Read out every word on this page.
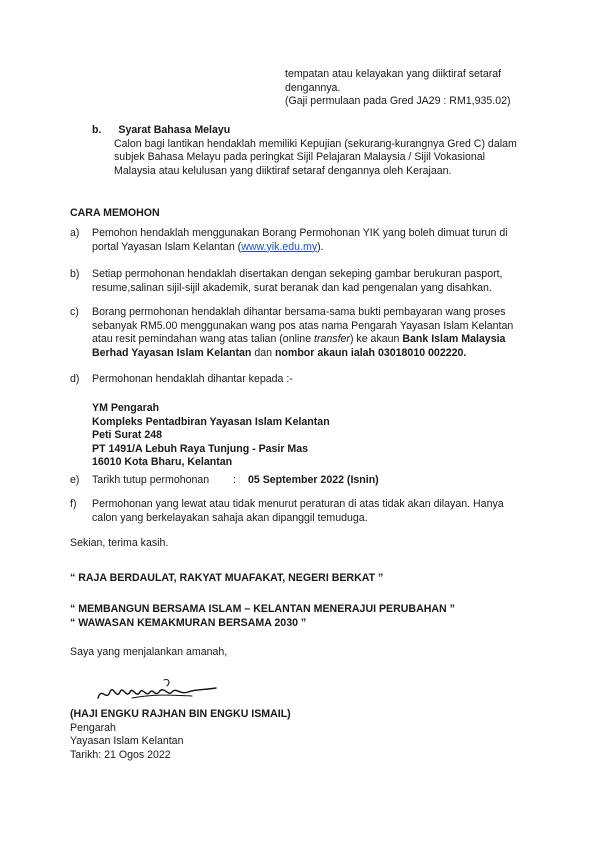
tempatan atau kelayakan yang diiktiraf setaraf
dengannya.
(Gaji permulaan pada Gred JA29 : RM1,935.02)
b. Syarat Bahasa Melayu
Calon bagi lantikan hendaklah memiliki Kepujian (sekurang-kurangnya Gred C) dalam
subjek Bahasa Melayu pada peringkat Sijil Pelajaran Malaysia / Sijil Vokasional
Malaysia atau kelulusan yang diiktiraf setaraf dengannya oleh Kerajaan.
CARA MEMOHON
a) Pemohon hendaklah menggunakan Borang Permohonan YIK yang boleh dimuat turun di
portal Yayasan Islam Kelantan (www.yik.edu.my).
b) Setiap permohonan hendaklah disertakan dengan sekeping gambar berukuran pasport,
resume,salinan sijil-sijil akademik, surat beranak dan kad pengenalan yang disahkan.
c) Borang permohonan hendaklah dihantar bersama-sama bukti pembayaran wang proses
sebanyak RM5.00 menggunakan wang pos atas nama Pengarah Yayasan Islam Kelantan
atau resit pemindahan wang atas talian (online transfer) ke akaun Bank Islam Malaysia
Berhad Yayasan Islam Kelantan dan nombor akaun ialah 03018010 002220.
d) Permohonan hendaklah dihantar kepada :-
YM Pengarah
Kompleks Pentadbiran Yayasan Islam Kelantan
Peti Surat 248
PT 1491/A Lebuh Raya Tunjung - Pasir Mas
16010 Kota Bharu, Kelantan
e) Tarikh tutup permohonan : 05 September 2022 (Isnin)
f) Permohonan yang lewat atau tidak menurut peraturan di atas tidak akan dilayan. Hanya
calon yang berkelayakan sahaja akan dipanggil temuduga.
Sekian, terima kasih.
“ RAJA BERDAULAT, RAKYAT MUAFAKAT, NEGERI BERKAT ”
“ MEMBANGUN BERSAMA ISLAM – KELANTAN MENERAJUI PERUBAHAN ”
“ WAWASAN KEMAKMURAN BERSAMA 2030 ”
Saya yang menjalankan amanah,
(HAJI ENGKU RAJHAN BIN ENGKU ISMAIL)
Pengarah
Yayasan Islam Kelantan
Tarikh: 21 Ogos 2022
